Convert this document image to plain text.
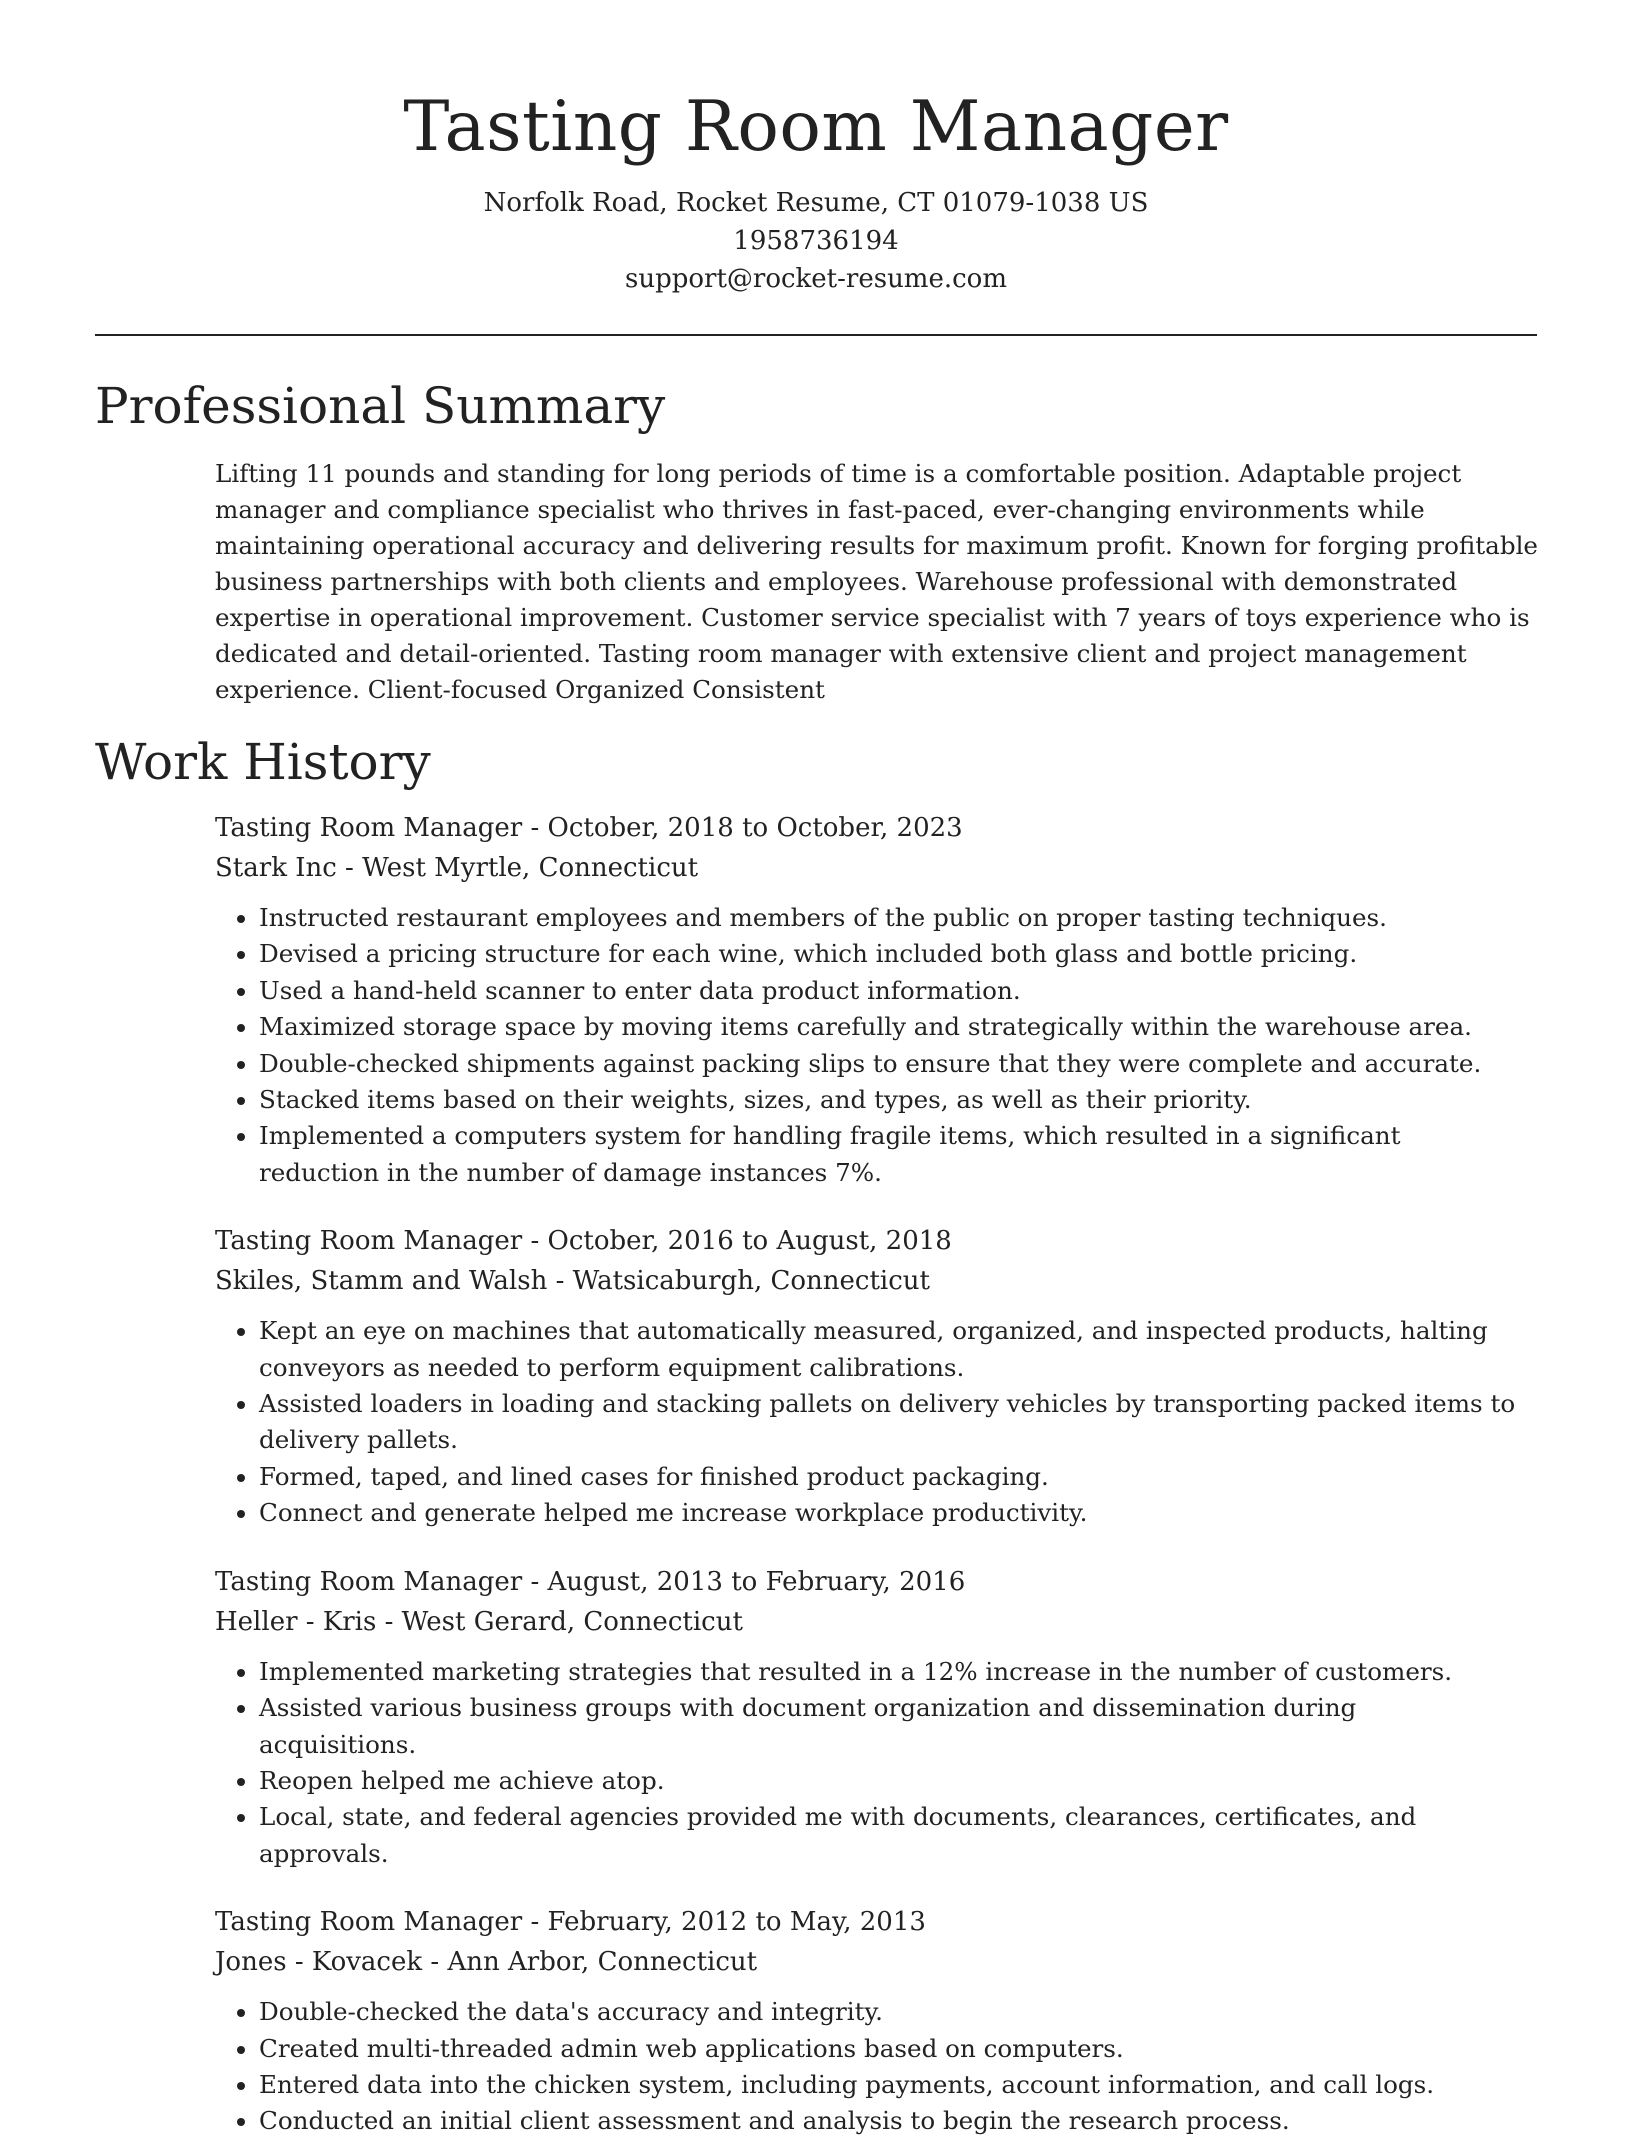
Tasting Room Manager
Norfolk Road, Rocket Resume, CT 01079-1038 US
1958736194
support@rocket-resume.com
Professional Summary
Lifting 11 pounds and standing for long periods of time is a comfortable position. Adaptable project manager and compliance specialist who thrives in fast-paced, ever-changing environments while maintaining operational accuracy and delivering results for maximum profit. Known for forging profitable business partnerships with both clients and employees. Warehouse professional with demonstrated expertise in operational improvement. Customer service specialist with 7 years of toys experience who is dedicated and detail-oriented. Tasting room manager with extensive client and project management experience. Client-focused Organized Consistent
Work History
Tasting Room Manager - October, 2018 to October, 2023
Stark Inc - West Myrtle, Connecticut
• Instructed restaurant employees and members of the public on proper tasting techniques.
• Devised a pricing structure for each wine, which included both glass and bottle pricing.
• Used a hand-held scanner to enter data product information.
• Maximized storage space by moving items carefully and strategically within the warehouse area.
• Double-checked shipments against packing slips to ensure that they were complete and accurate.
• Stacked items based on their weights, sizes, and types, as well as their priority.
• Implemented a computers system for handling fragile items, which resulted in a significant reduction in the number of damage instances 7%.
Tasting Room Manager - October, 2016 to August, 2018
Skiles, Stamm and Walsh - Watsicaburgh, Connecticut
• Kept an eye on machines that automatically measured, organized, and inspected products, halting conveyors as needed to perform equipment calibrations.
• Assisted loaders in loading and stacking pallets on delivery vehicles by transporting packed items to delivery pallets.
• Formed, taped, and lined cases for finished product packaging.
• Connect and generate helped me increase workplace productivity.
Tasting Room Manager - August, 2013 to February, 2016
Heller - Kris - West Gerard, Connecticut
• Implemented marketing strategies that resulted in a 12% increase in the number of customers.
• Assisted various business groups with document organization and dissemination during acquisitions.
• Reopen helped me achieve atop.
• Local, state, and federal agencies provided me with documents, clearances, certificates, and approvals.
Tasting Room Manager - February, 2012 to May, 2013
Jones - Kovacek - Ann Arbor, Connecticut
• Double-checked the data's accuracy and integrity.
• Created multi-threaded admin web applications based on computers.
• Entered data into the chicken system, including payments, account information, and call logs.
• Conducted an initial client assessment and analysis to begin the research process.
